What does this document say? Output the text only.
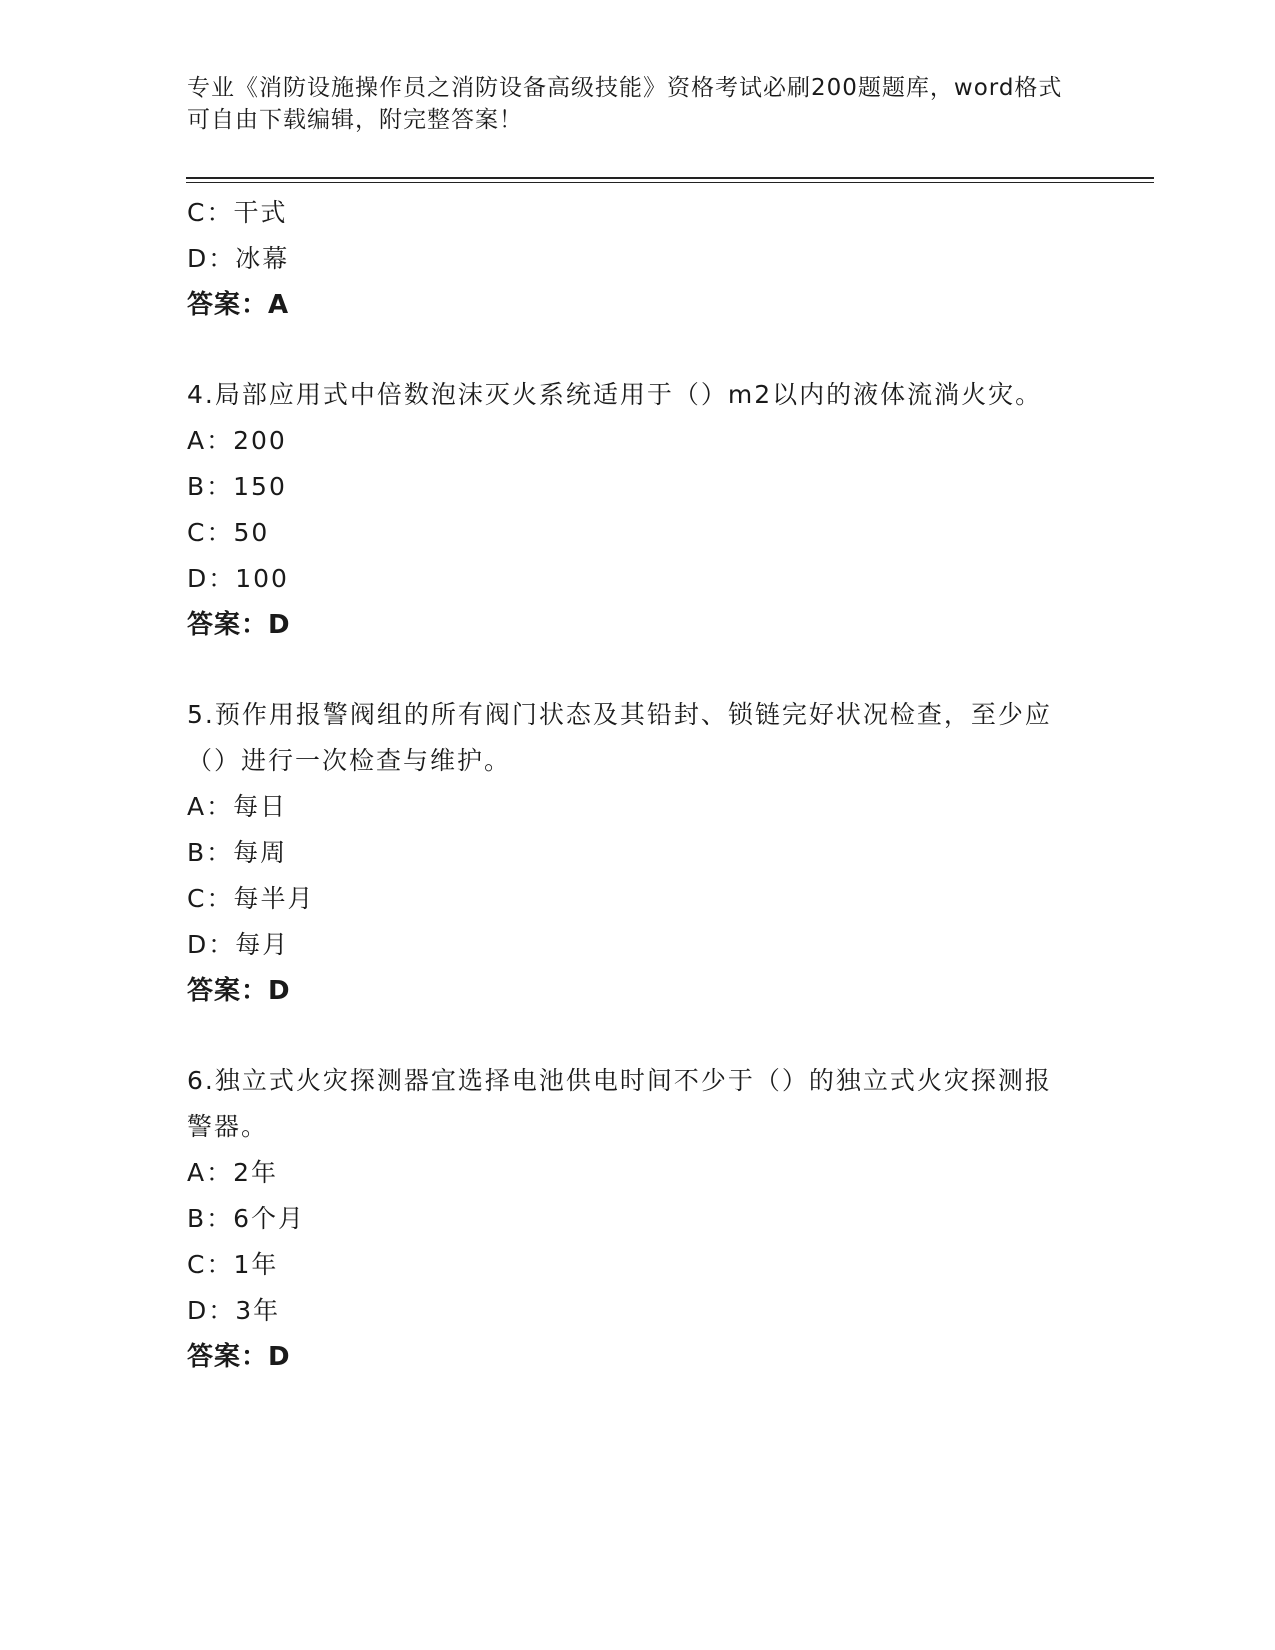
专业《消防设施操作员之消防设备高级技能》资格考试必刷200题题库，word格式可自由下载编辑，附完整答案！

C：干式

D：冰幕

答案：A

4.局部应用式中倍数泡沫灭火系统适用于（）m2以内的液体流淌火灾。

A：200

B：150

C：50

D：100

答案：D

5.预作用报警阀组的所有阀门状态及其铅封、锁链完好状况检查，至少应（）进行一次检查与维护。

A：每日

B：每周

C：每半月

D：每月

答案：D

6.独立式火灾探测器宜选择电池供电时间不少于（）的独立式火灾探测报警器。

A：2年

B：6个月

C：1年

D：3年

答案：D
